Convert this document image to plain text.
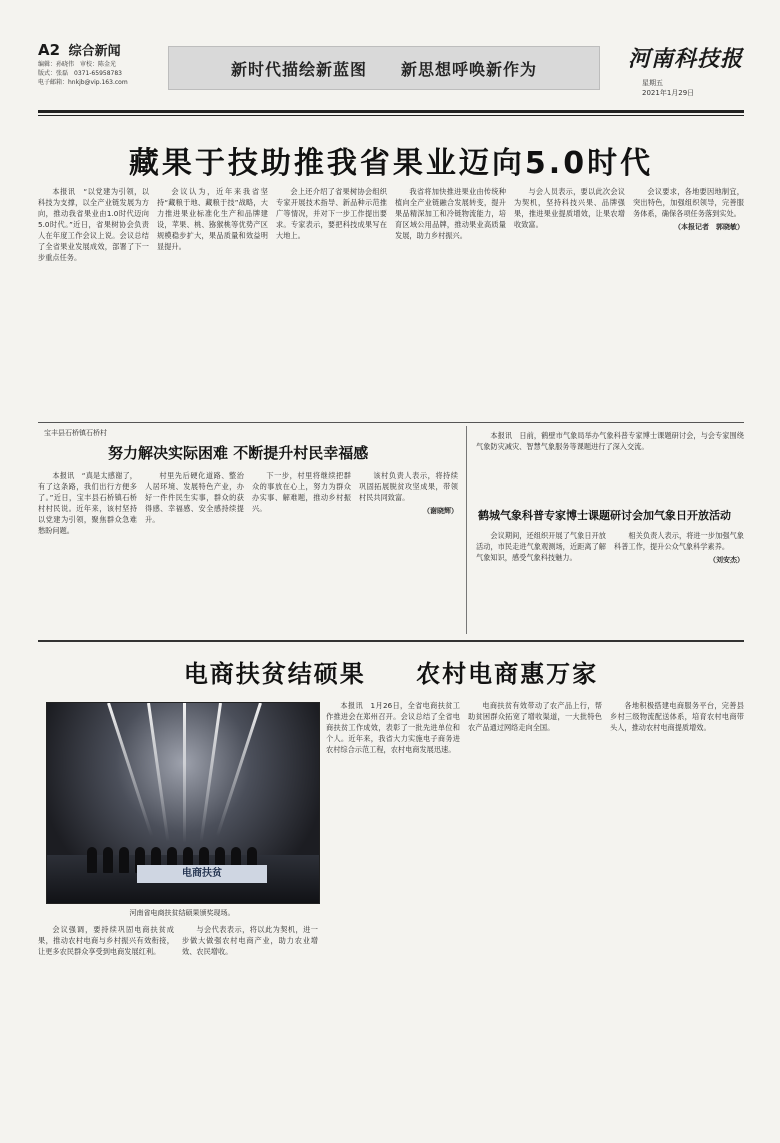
A2 综合新闻
编辑：孙晓伟　审校：陈金光
版式：张磊　0371-65958783
电子邮箱：hnkjb@vip.163.com
新时代描绘新蓝图 新思想呼唤新作为	河南科技报
星期五
2021年1月29日
藏果于技助推我省果业迈向5.0时代

本报讯　“以党建为引领，以科技为支撑，以全产业链发展为方向，推动我省果业由1.0时代迈向5.0时代。”近日，省果树协会负责人在年度工作会议上说。会议总结了全省果业发展成效，部署了下一步重点任务。

会议认为，近年来我省坚持“藏粮于地、藏粮于技”战略，大力推进果业标准化生产和品牌建设，苹果、桃、猕猴桃等优势产区规模稳步扩大，果品质量和效益明显提升。

会上还介绍了省果树协会组织专家开展技术指导、新品种示范推广等情况，并对下一步工作提出要求。专家表示，要把科技成果写在大地上。

我省将加快推进果业由传统种植向全产业链融合发展转变，提升果品精深加工和冷链物流能力，培育区域公用品牌，推动果业高质量发展，助力乡村振兴。

与会人员表示，要以此次会议为契机，坚持科技兴果、品牌强果，推进果业提质增效，让果农增收致富。

会议要求，各地要因地制宜，突出特色，加强组织领导，完善服务体系，确保各项任务落到实处。

（本报记者　郭晓敏）
宝丰县石桥镇石桥村
努力解决实际困难 不断提升村民幸福感

本报讯　“真是太感谢了，有了这条路，我们出行方便多了。”近日，宝丰县石桥镇石桥村村民说。近年来，该村坚持以党建为引领，聚焦群众急难愁盼问题。

村里先后硬化道路、整治人居环境、发展特色产业，办好一件件民生实事，群众的获得感、幸福感、安全感持续提升。

下一步，村里将继续把群众的事放在心上，努力为群众办实事、解难题，推动乡村振兴。

该村负责人表示，将持续巩固拓展脱贫攻坚成果，带领村民共同致富。

（谢晓辉）

本报讯　日前，鹤壁市气象局举办气象科普专家博士课题研讨会，与会专家围绕气象防灾减灾、智慧气象服务等课题进行了深入交流。

鹤城气象科普专家博士课题研讨会加气象日开放活动

会议期间，还组织开展了气象日开放活动，市民走进气象观测场，近距离了解气象知识，感受气象科技魅力。

相关负责人表示，将进一步加强气象科普工作，提升公众气象科学素养。

（刘安杰）
电商扶贫结硕果 农村电商惠万家
电商扶贫
河南省电商扶贫结硕果颁奖现场。

本报讯　1月26日，全省电商扶贫工作推进会在郑州召开。会议总结了全省电商扶贫工作成效，表彰了一批先进单位和个人。近年来，我省大力实施电子商务进农村综合示范工程，农村电商发展迅速。

电商扶贫有效带动了农产品上行，帮助贫困群众拓宽了增收渠道，一大批特色农产品通过网络走向全国。

各地积极搭建电商服务平台，完善县乡村三级物流配送体系，培育农村电商带头人，推动农村电商提质增效。

会议强调，要持续巩固电商扶贫成果，推动农村电商与乡村振兴有效衔接，让更多农民群众享受到电商发展红利。

与会代表表示，将以此为契机，进一步做大做强农村电商产业，助力农业增效、农民增收。
